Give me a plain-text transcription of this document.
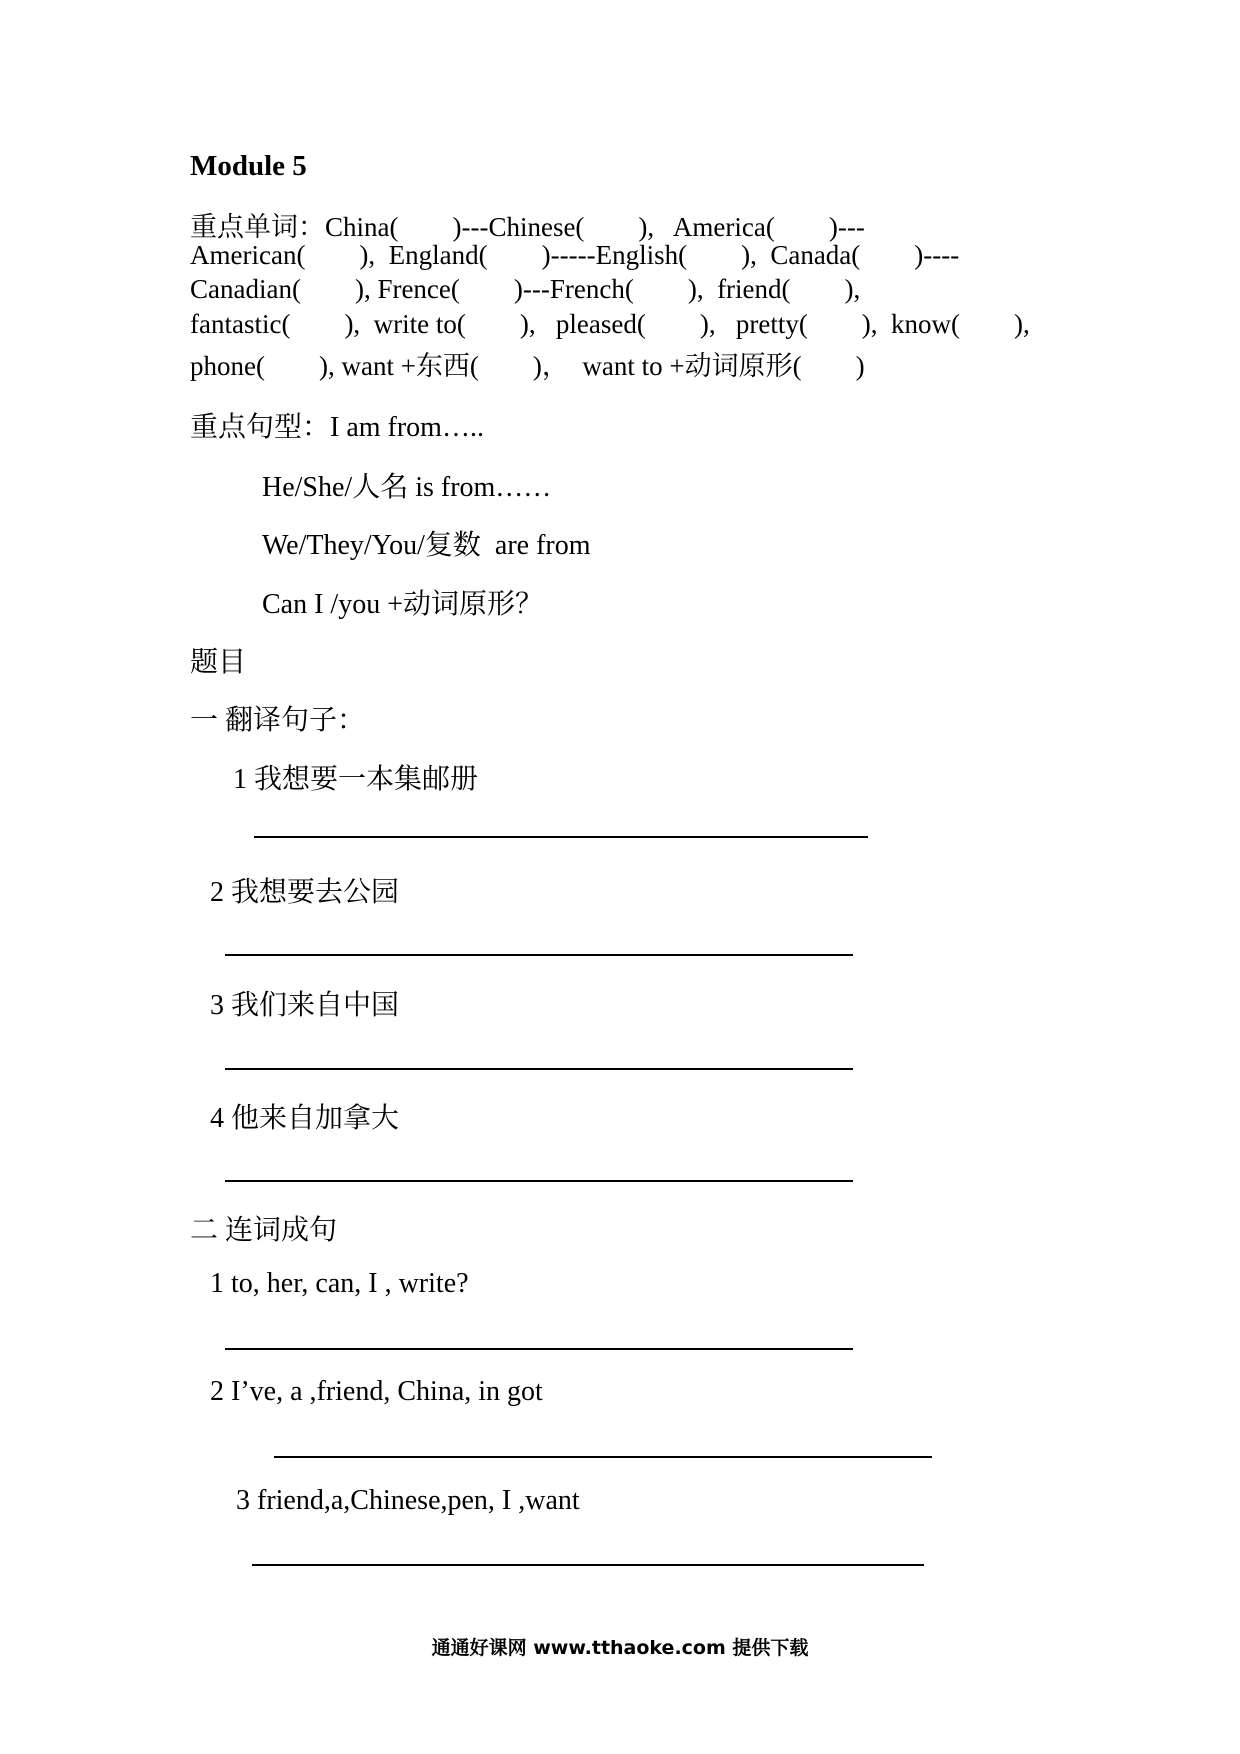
Module 5
重点单词：China(        )---Chinese(        ),   America(        )---
American(        ),  England(        )-----English(        ),  Canada(        )----
Canadian(        ), Frence(        )---French(        ),  friend(        ),
fantastic(        ),  write to(        ),   pleased(        ),   pretty(        ),  know(        ),
phone(        ), want +东西(        )，  want to +动词原形(        )
重点句型：I am from…..
He/She/人名 is from……
We/They/You/复数  are from
Can I /you +动词原形？
题目
一 翻译句子：
1 我想要一本集邮册
2 我想要去公园
3 我们来自中国
4 他来自加拿大
二 连词成句
1 to, her, can, I , write?
2 I’ve, a ,friend, China, in got
3 friend,a,Chinese,pen, I ,want
通通好课网 www.tthaoke.com 提供下载
